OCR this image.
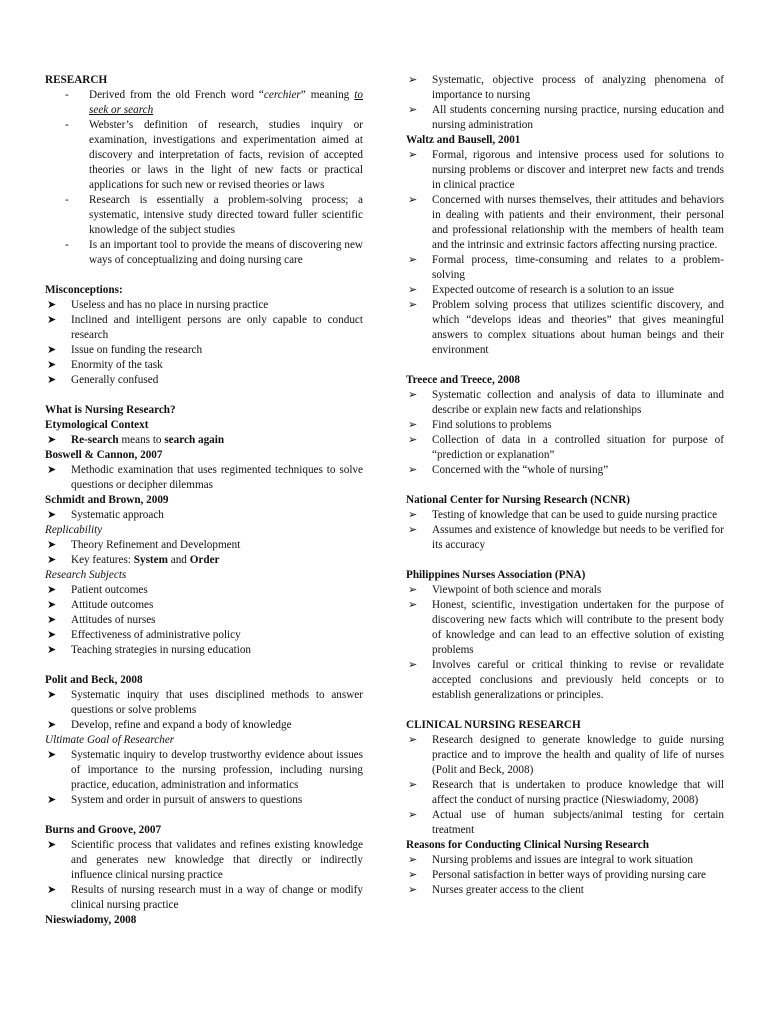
RESEARCH

-	Derived from the old French word “cerchier” meaning to seek or search
-	Webster’s definition of research, studies inquiry or examination, investigations and experimentation aimed at discovery and interpretation of facts, revision of accepted theories or laws in the light of new facts or practical applications for such new or revised theories or laws
-	Research is essentially a problem-solving process; a systematic, intensive study directed toward fuller scientific knowledge of the subject studies
-	Is an important tool to provide the means of discovering new ways of conceptualizing and doing nursing care

Misconceptions:

➤	Useless and has no place in nursing practice
➤	Inclined and intelligent persons are only capable to conduct research
➤	Issue on funding the research
➤	Enormity of the task
➤	Generally confused

What is Nursing Research?

Etymological Context

➤	Re-search means to search again

Boswell & Cannon, 2007

➤	Methodic examination that uses regimented techniques to solve questions or decipher dilemmas

Schmidt and Brown, 2009

➤	Systematic approach

Replicability

➤	Theory Refinement and Development
➤	Key features: System and Order

Research Subjects

➤	Patient outcomes
➤	Attitude outcomes
➤	Attitudes of nurses
➤	Effectiveness of administrative policy
➤	Teaching strategies in nursing education

Polit and Beck, 2008

➤	Systematic inquiry that uses disciplined methods to answer questions or solve problems
➤	Develop, refine and expand a body of knowledge

Ultimate Goal of Researcher

➤	Systematic inquiry to develop trustworthy evidence about issues of importance to the nursing profession, including nursing practice, education, administration and informatics
➤	System and order in pursuit of answers to questions

Burns and Groove, 2007

➤	Scientific process that validates and refines existing knowledge and generates new knowledge that directly or indirectly influence clinical nursing practice
➤	Results of nursing research must in a way of change or modify clinical nursing practice

Nieswiadomy, 2008

➢	Systematic, objective process of analyzing phenomena of importance to nursing
➢	All students concerning nursing practice, nursing education and nursing administration

Waltz and Bausell, 2001

➢	Formal, rigorous and intensive process used for solutions to nursing problems or discover and interpret new facts and trends in clinical practice
➢	Concerned with nurses themselves, their attitudes and behaviors in dealing with patients and their environment, their personal and professional relationship with the members of health team and the intrinsic and extrinsic factors affecting nursing practice.
➢	Formal process, time-consuming and relates to a problem-solving
➢	Expected outcome of research is a solution to an issue
➢	Problem solving process that utilizes scientific discovery, and which “develops ideas and theories” that gives meaningful answers to complex situations about human beings and their environment

Treece and Treece, 2008

➢	Systematic collection and analysis of data to illuminate and describe or explain new facts and relationships
➢	Find solutions to problems
➢	Collection of data in a controlled situation for purpose of “prediction or explanation”
➢	Concerned with the “whole of nursing”

National Center for Nursing Research (NCNR)

➢	Testing of knowledge that can be used to guide nursing practice
➢	Assumes and existence of knowledge but needs to be verified for its accuracy

Philippines Nurses Association (PNA)

➢	Viewpoint of both science and morals
➢	Honest, scientific, investigation undertaken for the purpose of discovering new facts which will contribute to the present body of knowledge and can lead to an effective solution of existing problems
➢	Involves careful or critical thinking to revise or revalidate accepted conclusions and previously held concepts or to establish generalizations or principles.

CLINICAL NURSING RESEARCH

➢	Research designed to generate knowledge to guide nursing practice and to improve the health and quality of life of nurses (Polit and Beck, 2008)
➢	Research that is undertaken to produce knowledge that will affect the conduct of nursing practice (Nieswiadomy, 2008)
➢	Actual use of human subjects/animal testing for certain treatment

Reasons for Conducting Clinical Nursing Research

➢	Nursing problems and issues are integral to work situation
➢	Personal satisfaction in better ways of providing nursing care
➢	Nurses greater access to the client
